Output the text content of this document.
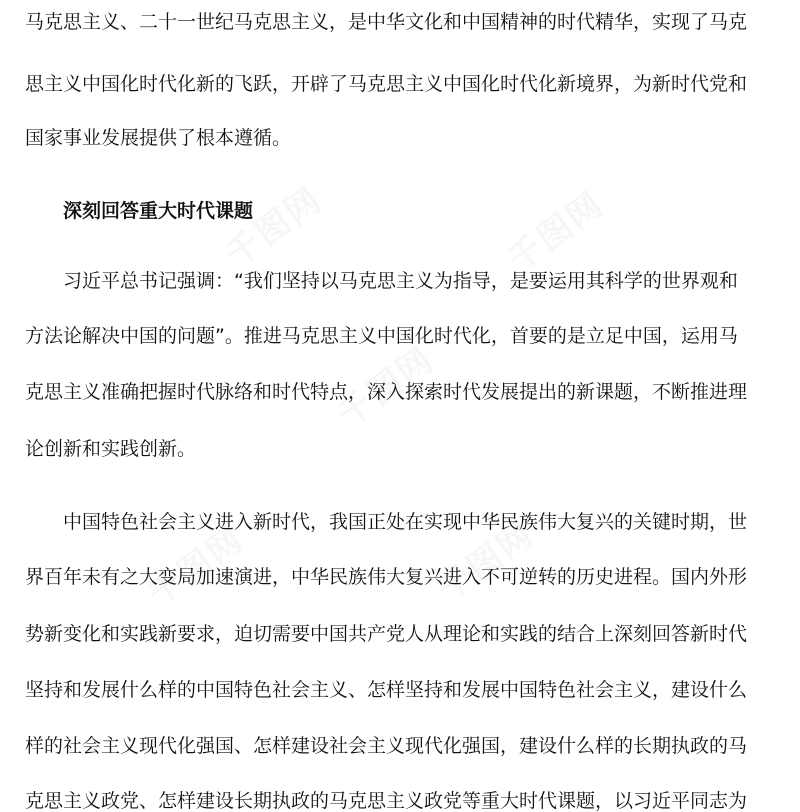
千图网	千图网
千图网
千图网	千图网
马克思主义、二十一世纪马克思主义，是中华文化和中国精神的时代精华，实现了马克
思主义中国化时代化新的飞跃，开辟了马克思主义中国化时代化新境界，为新时代党和
国家事业发展提供了根本遵循。
深刻回答重大时代课题
习近平总书记强调：“我们坚持以马克思主义为指导，是要运用其科学的世界观和
方法论解决中国的问题”。推进马克思主义中国化时代化，首要的是立足中国，运用马
克思主义准确把握时代脉络和时代特点，深入探索时代发展提出的新课题，不断推进理
论创新和实践创新。
中国特色社会主义进入新时代，我国正处在实现中华民族伟大复兴的关键时期，世
界百年未有之大变局加速演进，中华民族伟大复兴进入不可逆转的历史进程。国内外形
势新变化和实践新要求，迫切需要中国共产党人从理论和实践的结合上深刻回答新时代
坚持和发展什么样的中国特色社会主义、怎样坚持和发展中国特色社会主义，建设什么
样的社会主义现代化强国、怎样建设社会主义现代化强国，建设什么样的长期执政的马
克思主义政党、怎样建设长期执政的马克思主义政党等重大时代课题，以习近平同志为
